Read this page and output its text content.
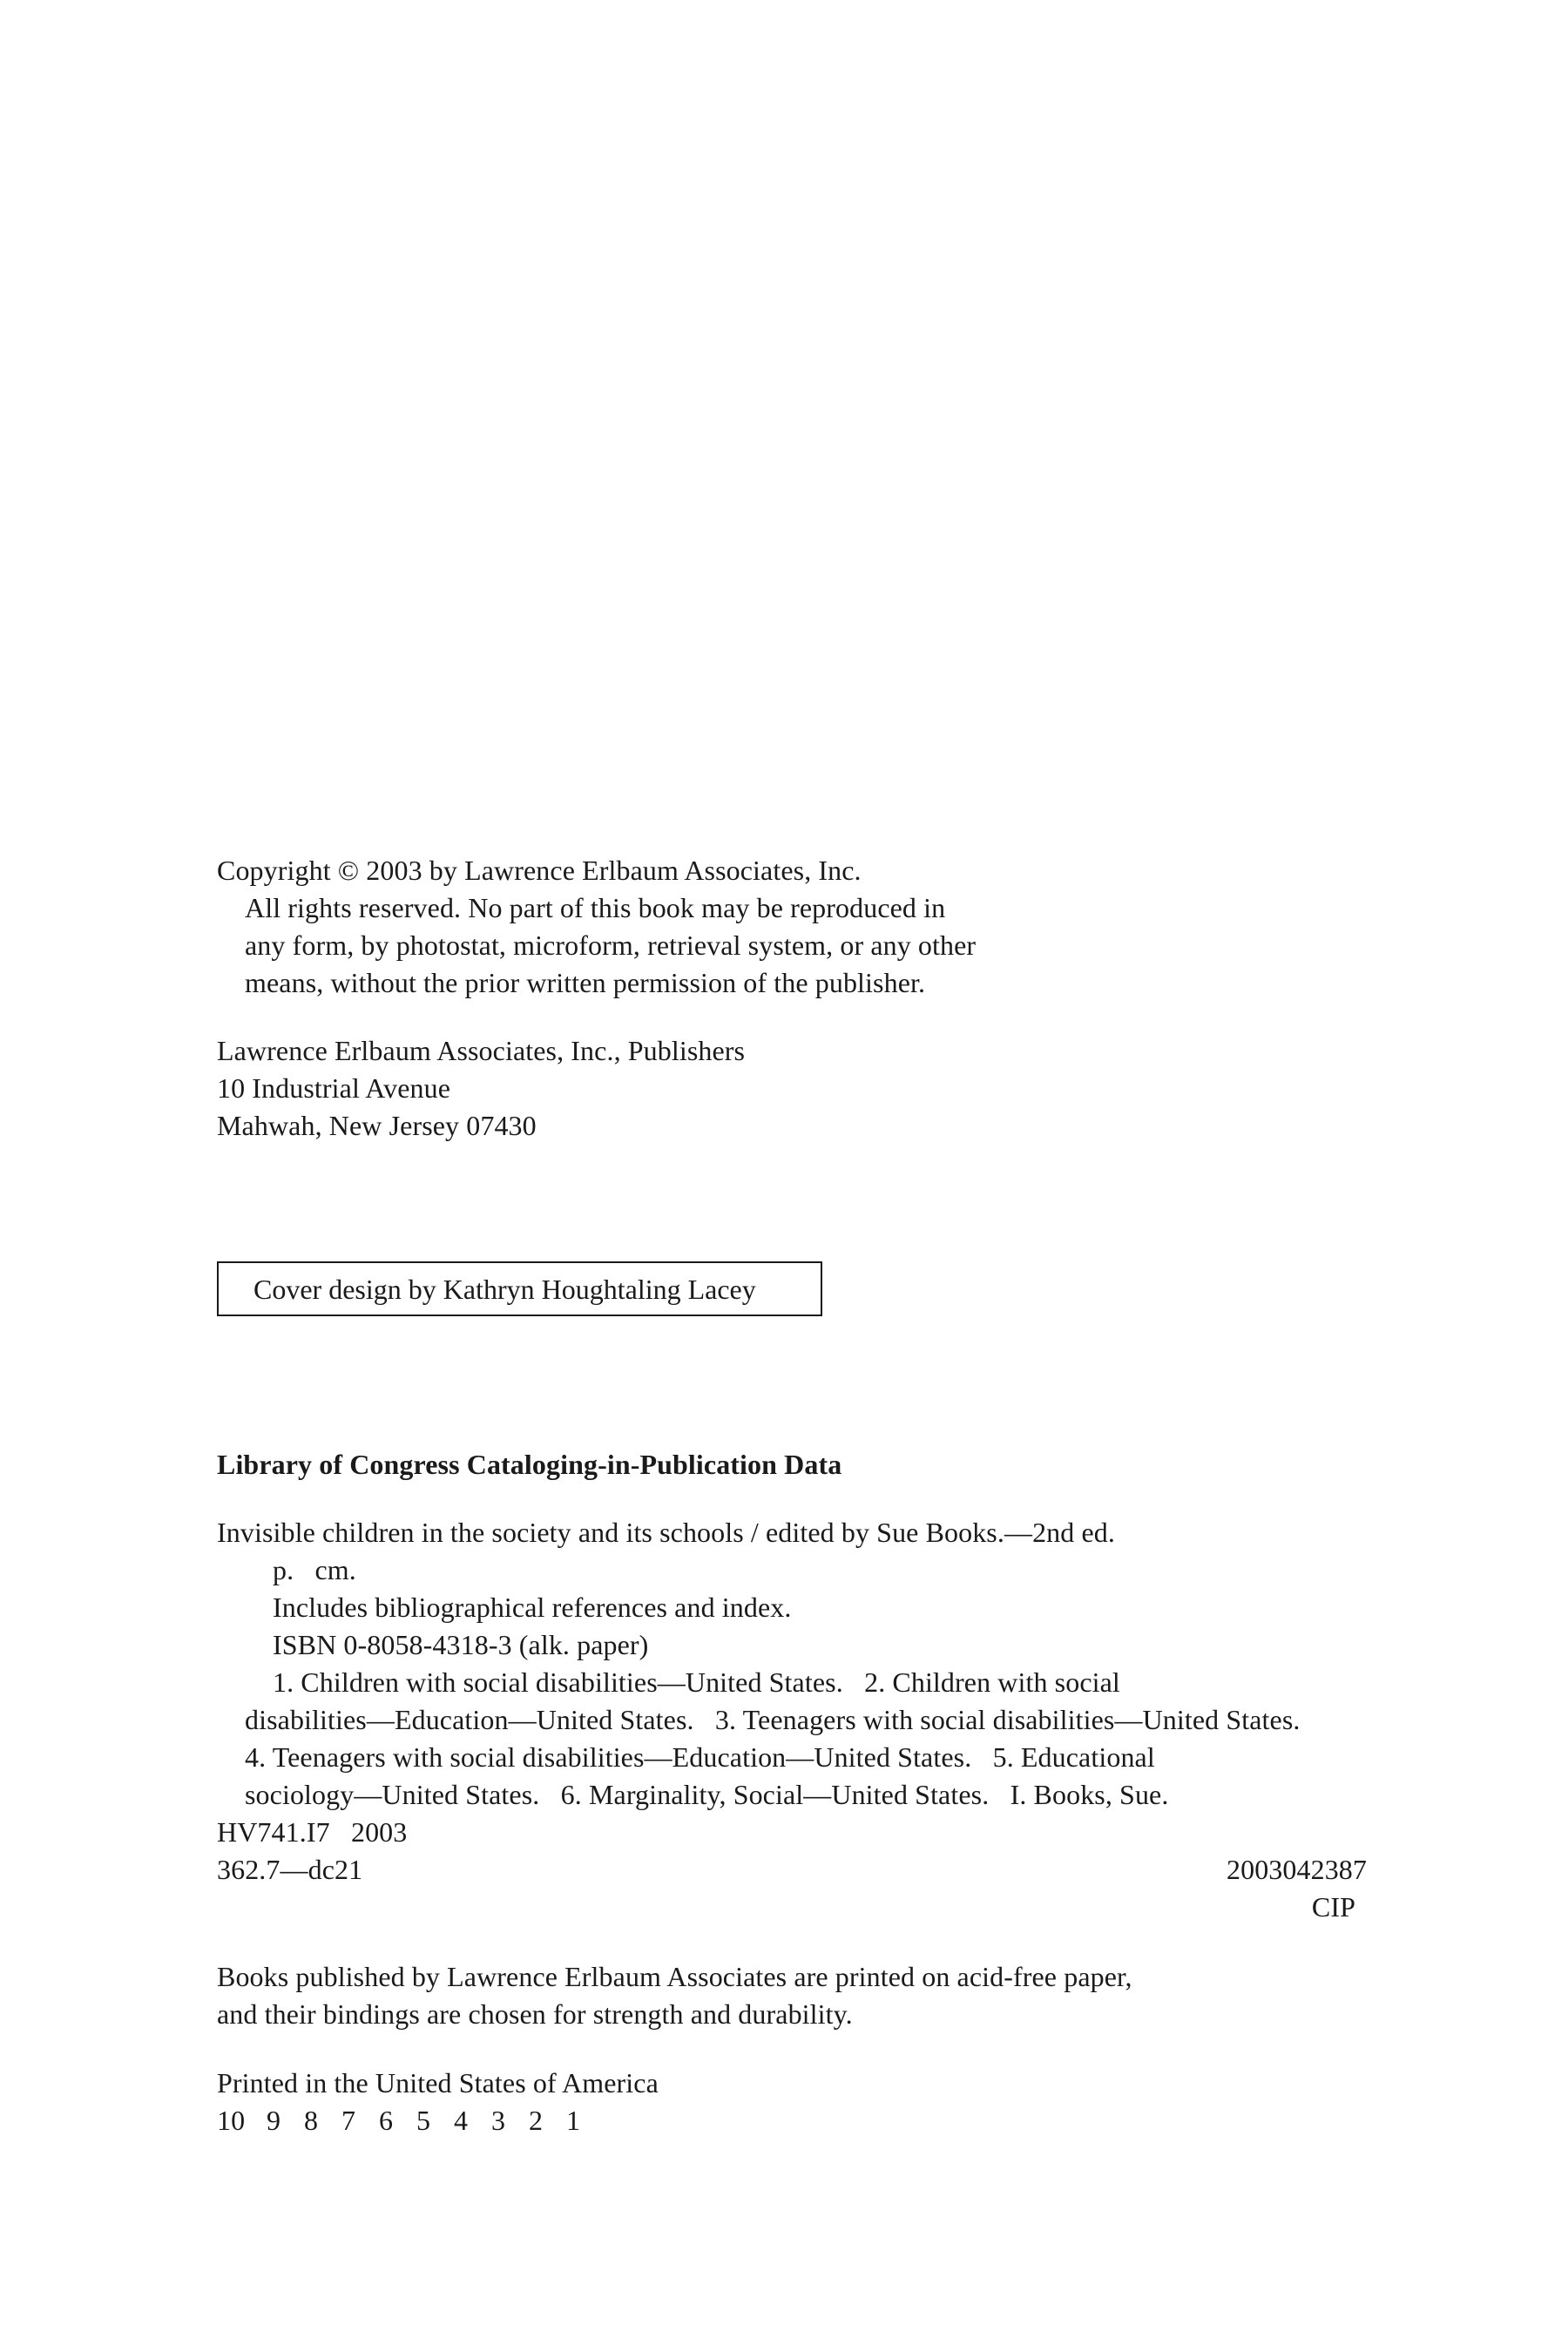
Copyright © 2003 by Lawrence Erlbaum Associates, Inc.
All rights reserved. No part of this book may be reproduced in
any form, by photostat, microform, retrieval system, or any other
means, without the prior written permission of the publisher.
Lawrence Erlbaum Associates, Inc., Publishers
10 Industrial Avenue
Mahwah, New Jersey 07430
Cover design by Kathryn Houghtaling Lacey
Library of Congress Cataloging-in-Publication Data
Invisible children in the society and its schools / edited by Sue Books.—2nd ed.
p.   cm.
Includes bibliographical references and index.
ISBN 0-8058-4318-3 (alk. paper)
1. Children with social disabilities—United States.   2. Children with social
disabilities—Education—United States.   3. Teenagers with social disabilities—United States.
4. Teenagers with social disabilities—Education—United States.   5. Educational
sociology—United States.   6. Marginality, Social—United States.   I. Books, Sue.
HV741.I7   2003
362.7—dc21	2003042387
CIP
Books published by Lawrence Erlbaum Associates are printed on acid-free paper,
and their bindings are chosen for strength and durability.
Printed in the United States of America
10 9 8 7 6 5 4 3 2 1
